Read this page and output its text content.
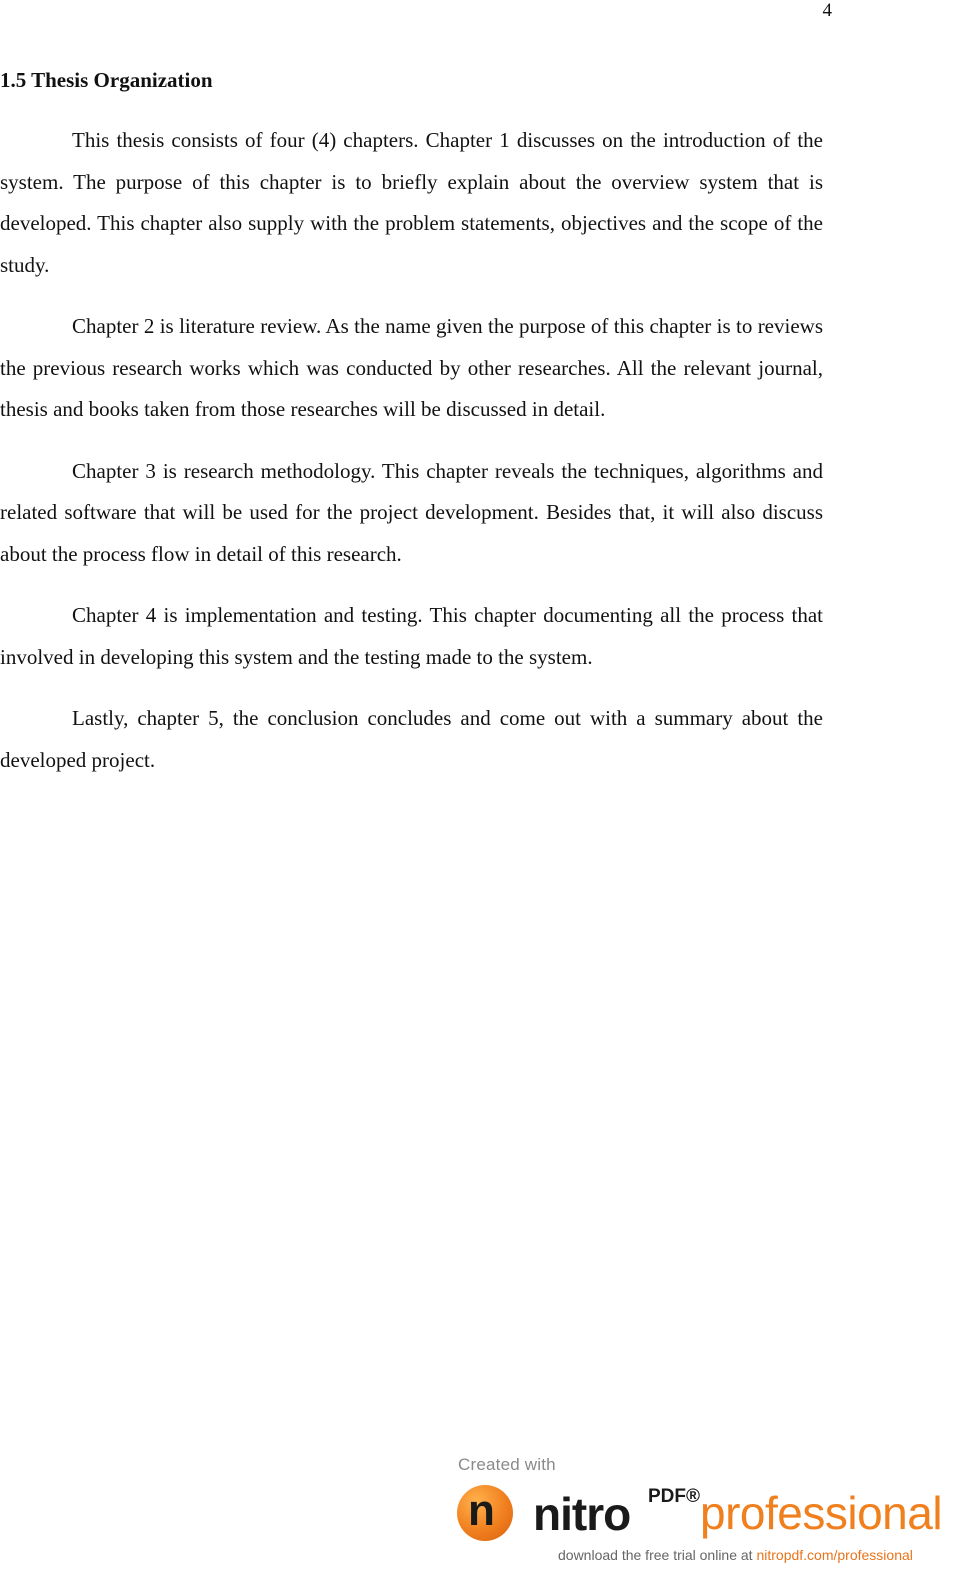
4
1.5 Thesis Organization

This thesis consists of four (4) chapters. Chapter 1 discusses on the introduction of the system. The purpose of this chapter is to briefly explain about the overview system that is developed. This chapter also supply with the problem statements, objectives and the scope of the study.

Chapter 2 is literature review. As the name given the purpose of this chapter is to reviews the previous research works which was conducted by other researches. All the relevant journal, thesis and books taken from those researches will be discussed in detail.

Chapter 3 is research methodology. This chapter reveals the techniques, algorithms and related software that will be used for the project development. Besides that, it will also discuss about the process flow in detail of this research.

Chapter 4 is implementation and testing. This chapter documenting all the process that involved in developing this system and the testing made to the system.

Lastly, chapter 5, the conclusion concludes and come out with a summary about the developed project.

Created with
n nitro PDF® professional
download the free trial online at nitropdf.com/professional
